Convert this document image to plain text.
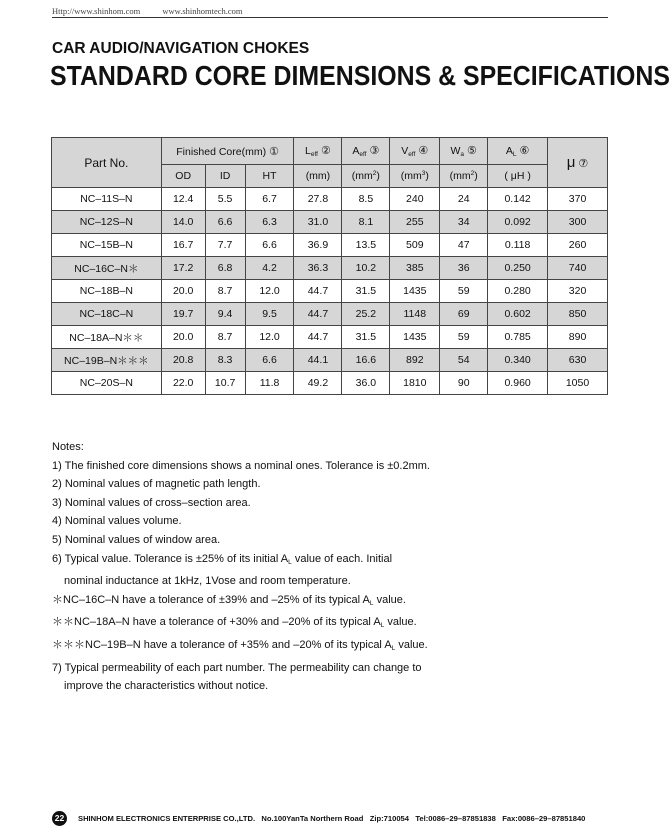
Http://www.shinhom.com	www.shinhomtech.com
CAR AUDIO/NAVIGATION CHOKES
STANDARD CORE DIMENSIONS & SPECIFICATIONS
Part No.	Finished Core(mm) ①			$L_{eff}$ ②	$A_{eff}$ ③	$V_{eff}$ ④	$W_a$ ⑤	$A_L$ ⑥	μ ⑦
	OD	ID	HT	(mm)	$(mm^2)$	$(mm^3)$	$(mm^2)$	( μH )	
NC–11S–N	12.4	5.5	6.7	27.8	8.5	240	24	0.142	370
NC–12S–N	14.0	6.6	6.3	31.0	8.1	255	34	0.092	300
NC–15B–N	16.7	7.7	6.6	36.9	13.5	509	47	0.118	260
NC–16C–N＊	17.2	6.8	4.2	36.3	10.2	385	36	0.250	740
NC–18B–N	20.0	8.7	12.0	44.7	31.5	1435	59	0.280	320
NC–18C–N	19.7	9.4	9.5	44.7	25.2	1148	69	0.602	850
NC–18A–N＊＊	20.0	8.7	12.0	44.7	31.5	1435	59	0.785	890
NC–19B–N＊＊＊	20.8	8.3	6.6	44.1	16.6	892	54	0.340	630
NC–20S–N	22.0	10.7	11.8	49.2	36.0	1810	90	0.960	1050
Notes:
1) The finished core dimensions shows a nominal ones. Tolerance is ±0.2mm.
2) Nominal values of magnetic path length.
3) Nominal values of cross–section area.
4) Nominal values volume.
5) Nominal values of window area.
6) Typical value. Tolerance is ±25% of its initial $A_L$ value of each. Initial
nominal inductance at 1kHz, 1Vose and room temperature.
＊NC–16C–N have a tolerance of ±39% and –25% of its typical $A_L$ value.
＊＊NC–18A–N have a tolerance of +30% and –20% of its typical $A_L$ value.
＊＊＊NC–19B–N have a tolerance of +35% and –20% of its typical $A_L$ value.
7) Typical permeability of each part number. The permeability can change to
improve the characteristics without notice.
22	SHINHOM ELECTRONICS ENTERPRISE CO.,LTD. No.100YanTa Northern Road Zip:710054 Tel:0086–29–87851838 Fax:0086–29–87851840
